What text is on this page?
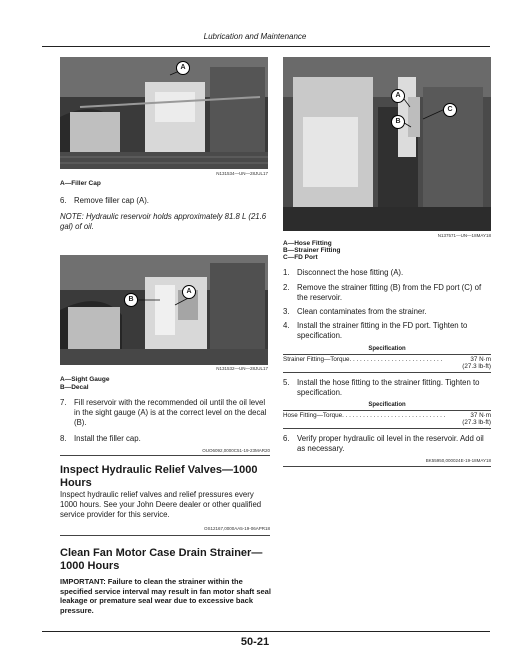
Lubrication and Maintenance
A
N131534—UN—28JUL17
A—Filler Cap
6. Remove filler cap (A).
NOTE: Hydraulic reservoir holds approximately 81.8 L (21.6 gal) of oil.
B
A
N131532—UN—28JUL17
A—Sight Gauge
B—Decal
7. Fill reservoir with the recommended oil until the oil level in the sight gauge (A) is at the correct level on the decal (B).
8. Install the filler cap.
OUO6092,0000C51-19-23MAR20
Inspect Hydraulic Relief Valves—1000 Hours
Inspect hydraulic relief valves and relief pressures every 1000 hours. See your John Deere dealer or other qualified service provider for this service.
OS12167,0000AA5-19-06APR18
Clean Fan Motor Case Drain Strainer—1000 Hours
IMPORTANT: Failure to clean the strainer within the specified service interval may result in fan motor shaft seal leakage or premature seal wear due to excessive back pressure.
A
B
C
N137571—UN—18MAY18
A—Hose Fitting
B—Strainer Fitting
C—FD Port
1. Disconnect the hose fitting (A).
2. Remove the strainer fitting (B) from the FD port (C) of the reservoir.
3. Clean contaminates from the strainer.
4. Install the strainer fitting in the FD port. Tighten to specification.
Specification
Strainer Fitting—Torque. . . . . . . . . . . . . . . . . . . . . . . . . . .	37 N·m
(27.3 lb-ft)
5. Install the hose fitting to the strainer fitting. Tighten to specification.
Specification
Hose Fitting—Torque. . . . . . . . . . . . . . . . . . . . . . . . . . . . . .	37 N·m
(27.3 lb-ft)
6. Verify proper hydraulic oil level in the reservoir. Add oil as necessary.
BK55950,000024E-19-18MAY18
50-21
